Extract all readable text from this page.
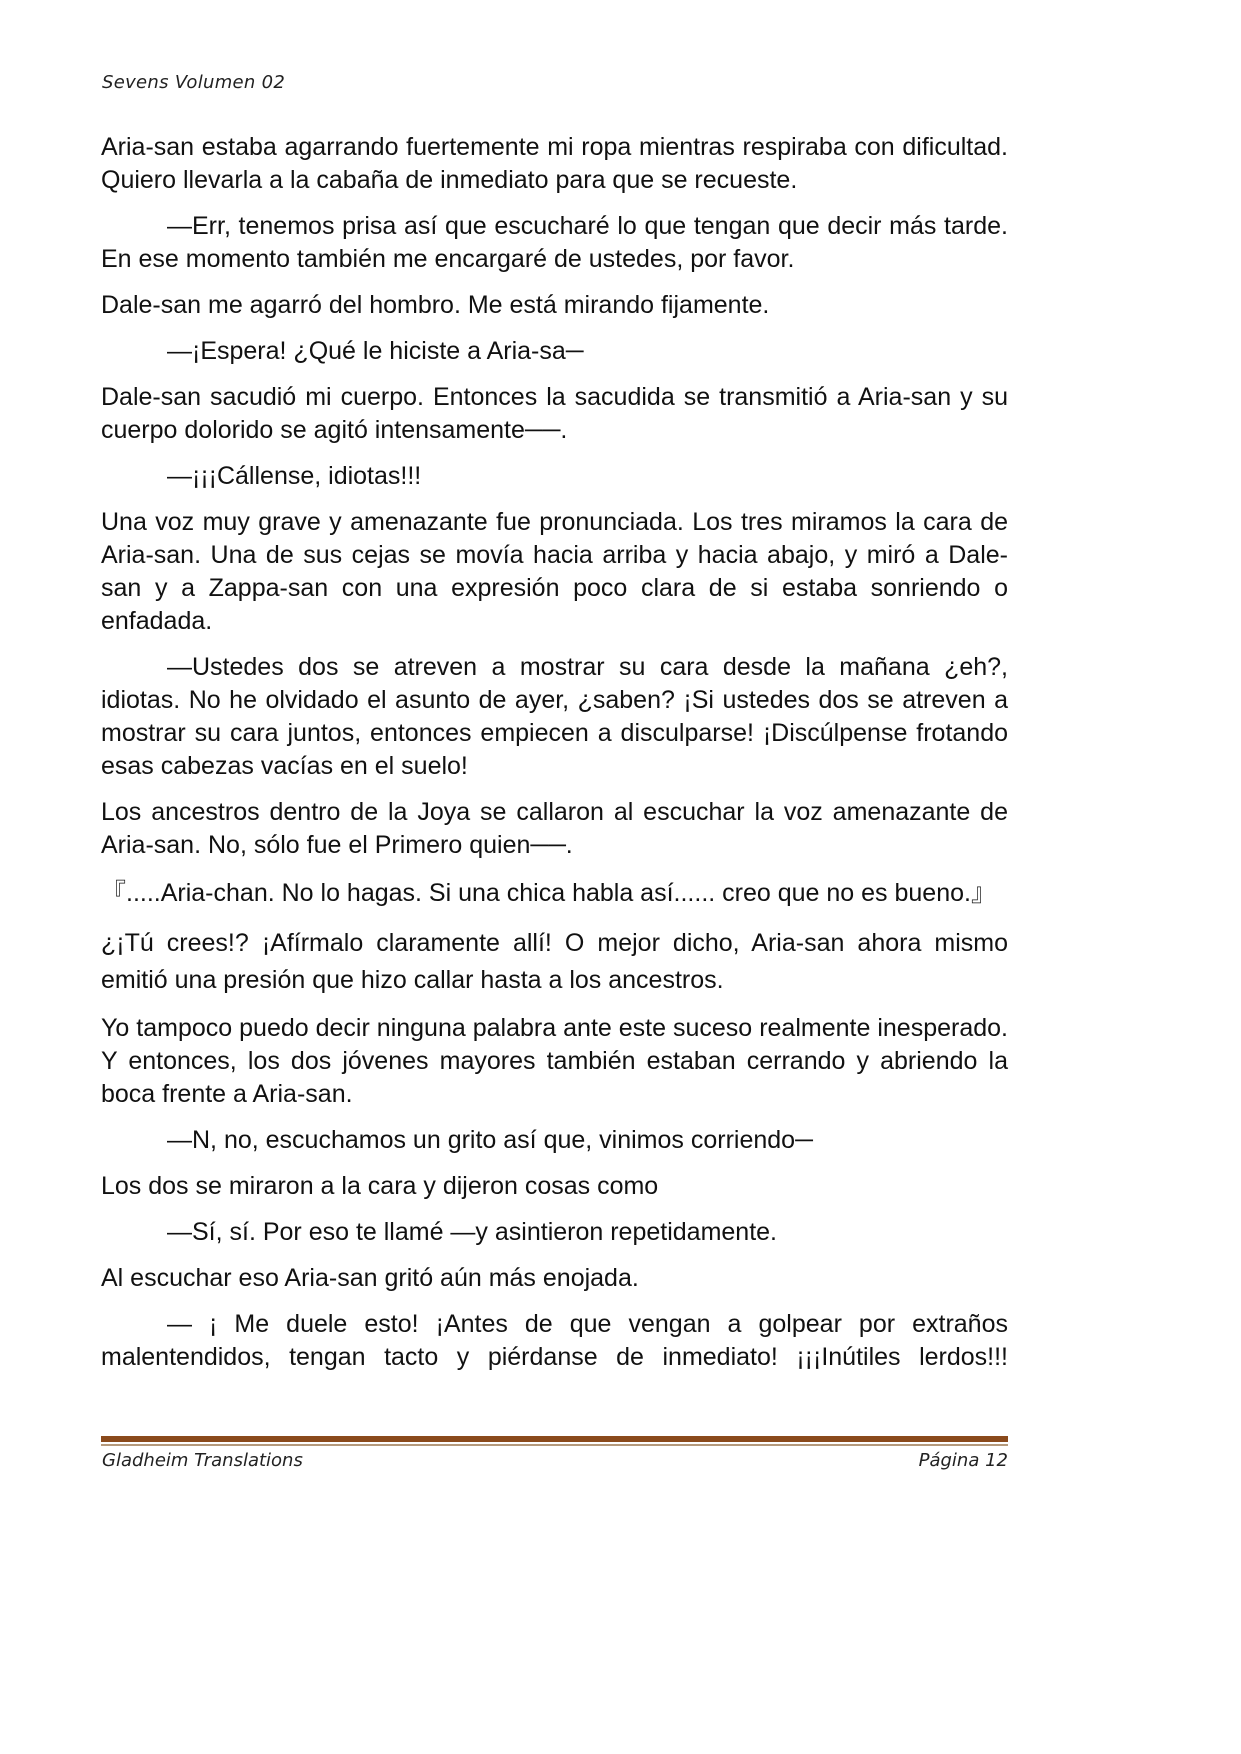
Sevens Volumen 02

Aria-san estaba agarrando fuertemente mi ropa mientras respiraba con dificultad. Quiero llevarla a la cabaña de inmediato para que se recueste.

—Err, tenemos prisa así que escucharé lo que tengan que decir más tarde. En ese momento también me encargaré de ustedes, por favor.

Dale-san me agarró del hombro. Me está mirando fijamente.

—¡Espera! ¿Qué le hiciste a Aria-sa─

Dale-san sacudió mi cuerpo. Entonces la sacudida se transmitió a Aria-san y su cuerpo dolorido se agitó intensamente──.

—¡¡¡Cállense, idiotas!!!

Una voz muy grave y amenazante fue pronunciada. Los tres miramos la cara de Aria-san. Una de sus cejas se movía hacia arriba y hacia abajo, y miró a Dale-san y a Zappa-san con una expresión poco clara de si estaba sonriendo o enfadada.

—Ustedes dos se atreven a mostrar su cara desde la mañana ¿eh?, idiotas. No he olvidado el asunto de ayer, ¿saben? ¡Si ustedes dos se atreven a mostrar su cara juntos, entonces empiecen a disculparse! ¡Discúlpense frotando esas cabezas vacías en el suelo!

Los ancestros dentro de la Joya se callaron al escuchar la voz amenazante de Aria-san. No, sólo fue el Primero quien──.

『.....Aria-chan. No lo hagas. Si una chica habla así...... creo que no es bueno.』

¿¡Tú crees!? ¡Afírmalo claramente allí! O mejor dicho, Aria-san ahora mismo emitió una presión que hizo callar hasta a los ancestros.

Yo tampoco puedo decir ninguna palabra ante este suceso realmente inesperado. Y entonces, los dos jóvenes mayores también estaban cerrando y abriendo la boca frente a Aria-san.

—N, no, escuchamos un grito así que, vinimos corriendo─

Los dos se miraron a la cara y dijeron cosas como

—Sí, sí. Por eso te llamé —y asintieron repetidamente.

Al escuchar eso Aria-san gritó aún más enojada.

— ¡ Me duele esto! ¡Antes de que vengan a golpear por extraños malentendidos, tengan tacto y piérdanse de inmediato! ¡¡¡Inútiles lerdos!!!

Gladheim Translations	Página 12
